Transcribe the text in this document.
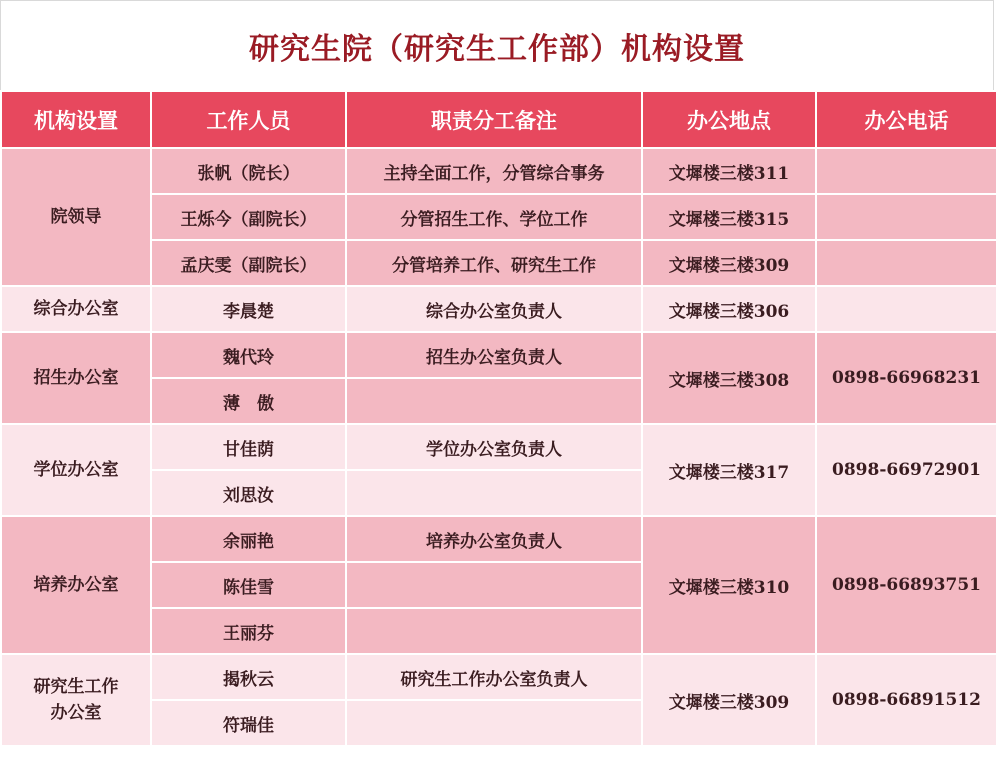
研究生院（研究生工作部）机构设置
机构设置	工作人员	职责分工备注	办公地点	办公电话
院领导	张帆（院长）	主持全面工作，分管综合事务	文墀楼三楼311	
	王烁今（副院长）	分管招生工作、学位工作	文墀楼三楼315	
	孟庆雯（副院长）	分管培养工作、研究生工作	文墀楼三楼309	
综合办公室	李晨楚	综合办公室负责人	文墀楼三楼306	
招生办公室	魏代玲	招生办公室负责人	文墀楼三楼308	0898-66968231
	薄　傲			
学位办公室	甘佳荫	学位办公室负责人	文墀楼三楼317	0898-66972901
	刘思汝			
培养办公室	余丽艳	培养办公室负责人	文墀楼三楼310	0898-66893751
	陈佳雪			
	王丽芬			
研究生工作
办公室	揭秋云	研究生工作办公室负责人	文墀楼三楼309	0898-66891512
	符瑞佳			
